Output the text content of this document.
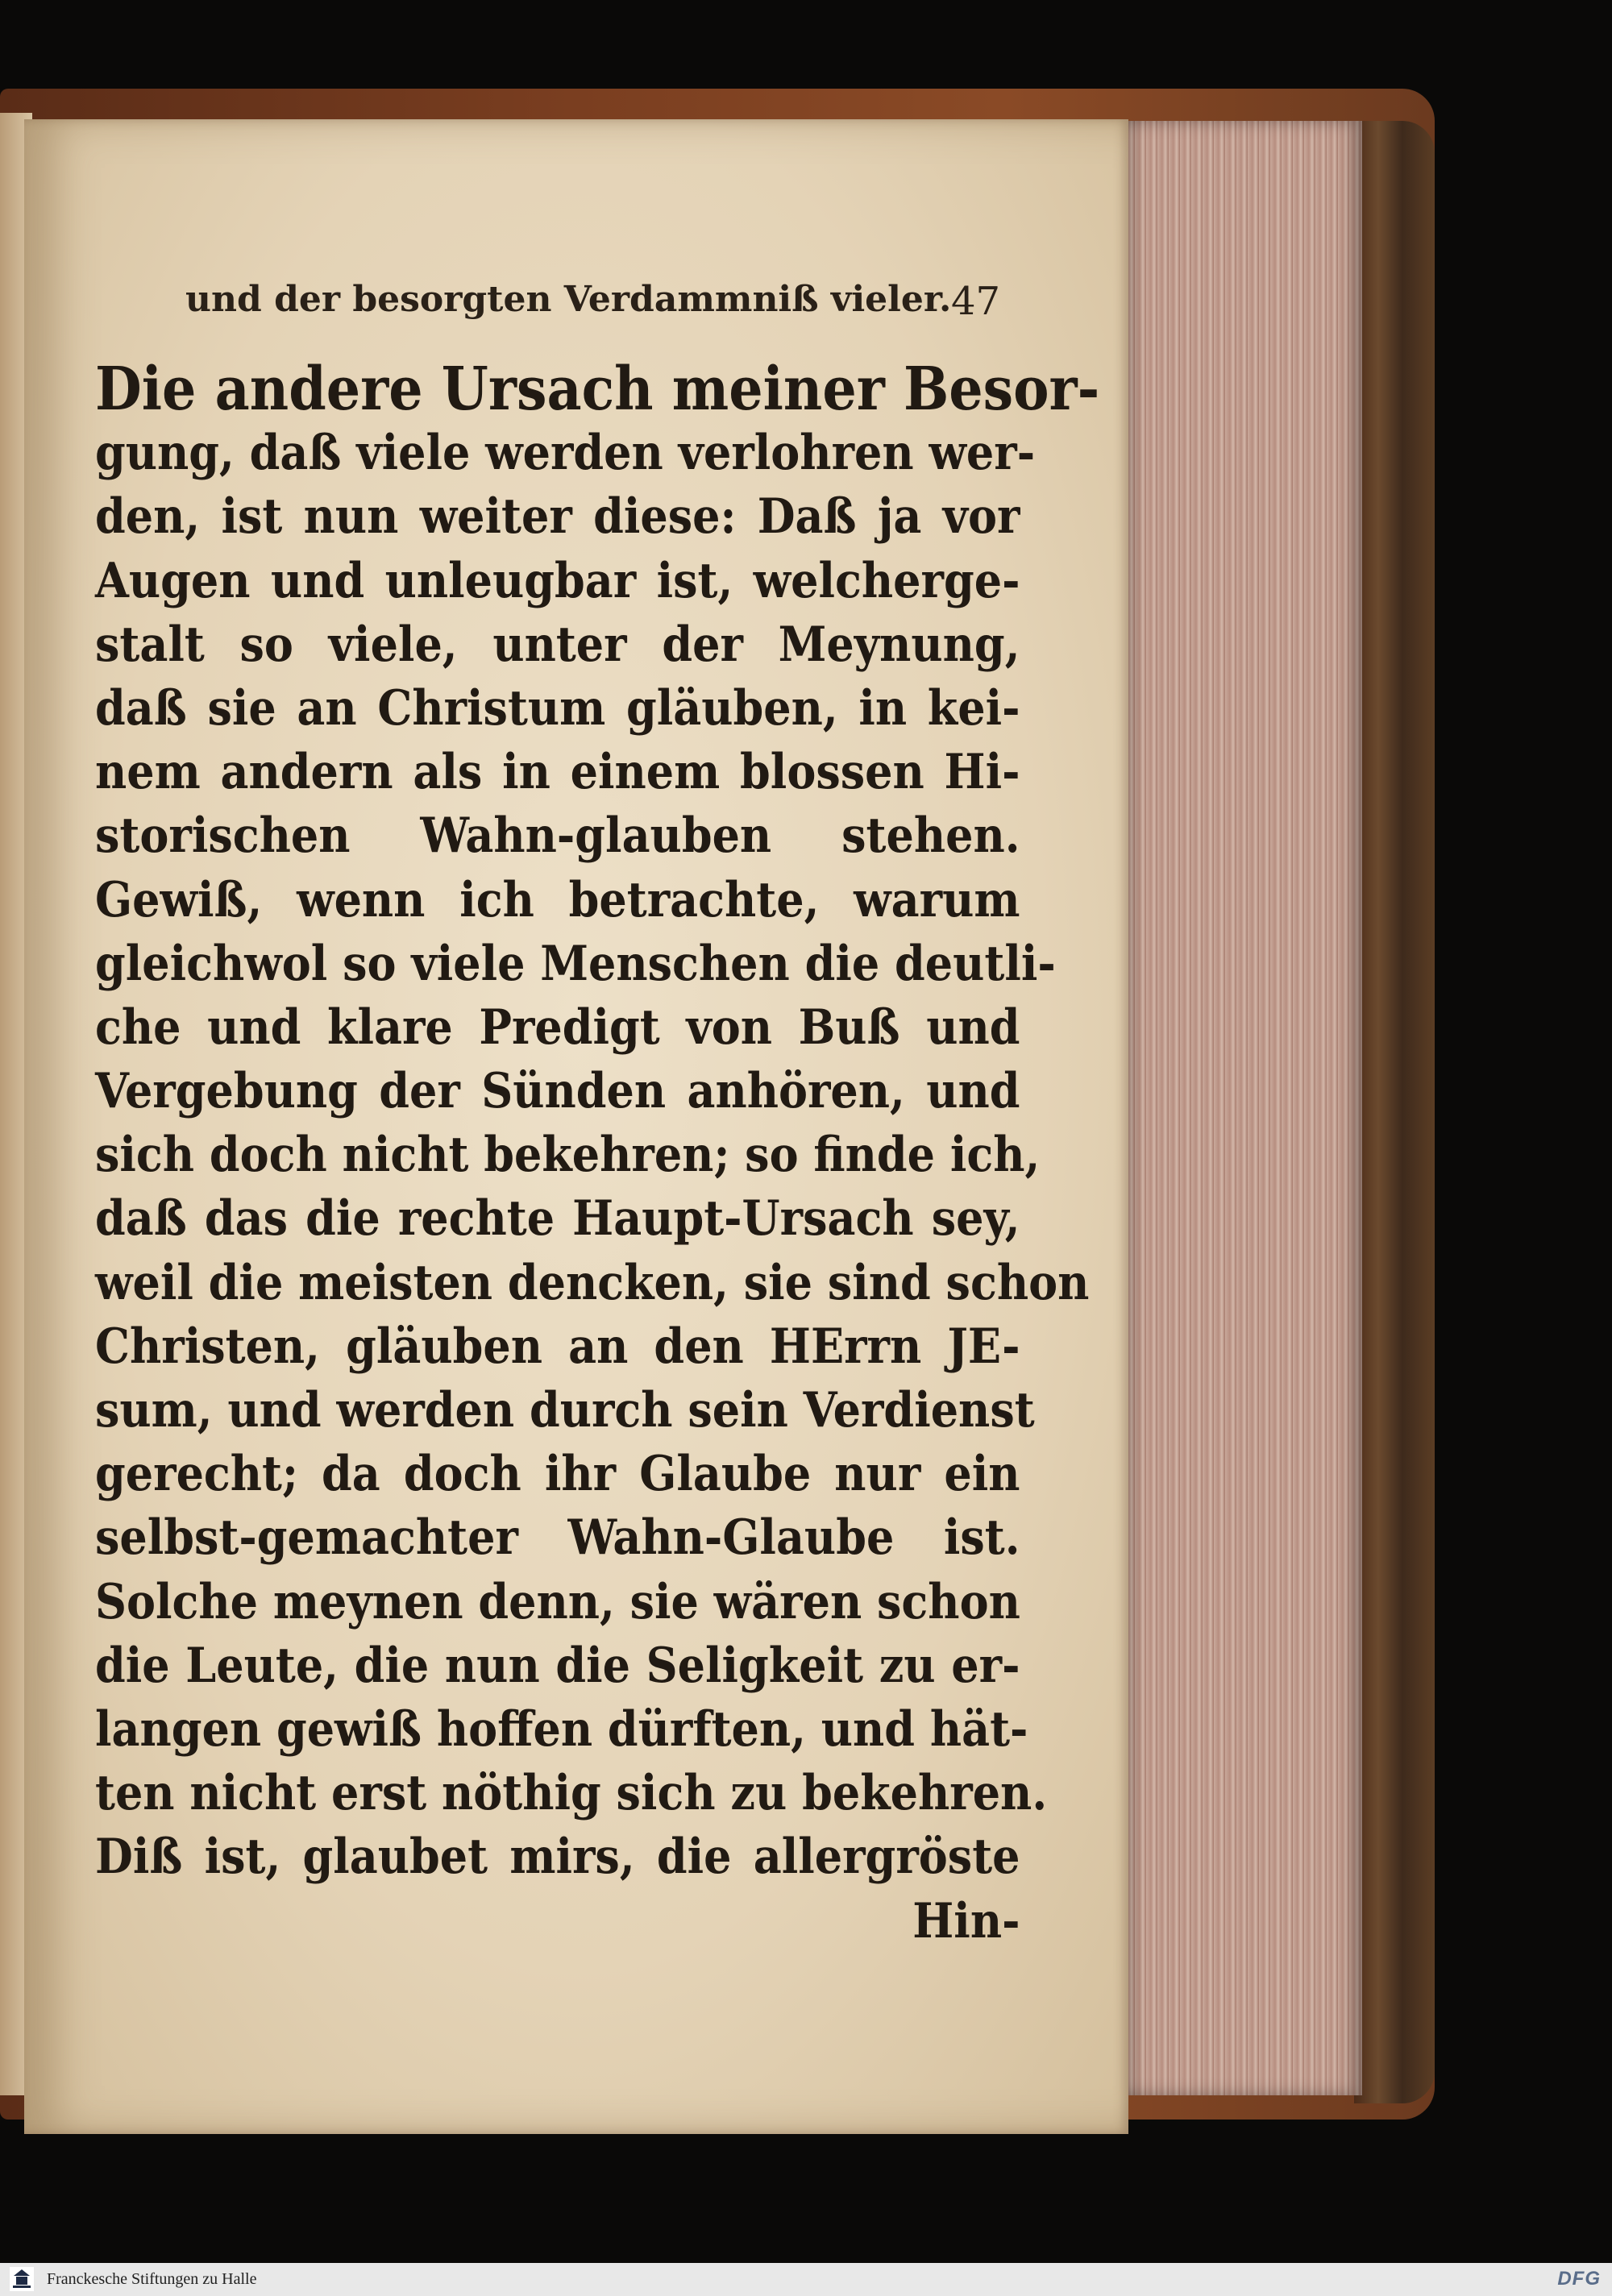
und der besorgten Verdammniß vieler. 47
Die andere Ursach meiner Besor-
gung, daß viele werden verlohren wer-
den, ist nun weiter diese: Daß ja vor
Augen und unleugbar ist, welcherge-
stalt so viele, unter der Meynung,
daß sie an Christum gläuben, in kei-
nem andern als in einem blossen Hi-
storischen Wahn-glauben stehen.
Gewiß, wenn ich betrachte, warum
gleichwol so viele Menschen die deutli-
che und klare Predigt von Buß und
Vergebung der Sünden anhören, und
sich doch nicht bekehren; so finde ich,
daß das die rechte Haupt-Ursach sey,
weil die meisten dencken, sie sind schon
Christen, gläuben an den HErrn JE-
sum, und werden durch sein Verdienst
gerecht; da doch ihr Glaube nur ein
selbst-gemachter Wahn-Glaube ist.
Solche meynen denn, sie wären schon
die Leute, die nun die Seligkeit zu er-
langen gewiß hoffen dürften, und hät-
ten nicht erst nöthig sich zu bekehren.
Diß ist, glaubet mirs, die allergröste
Hin-
Franckesche Stiftungen zu Halle	DFG
